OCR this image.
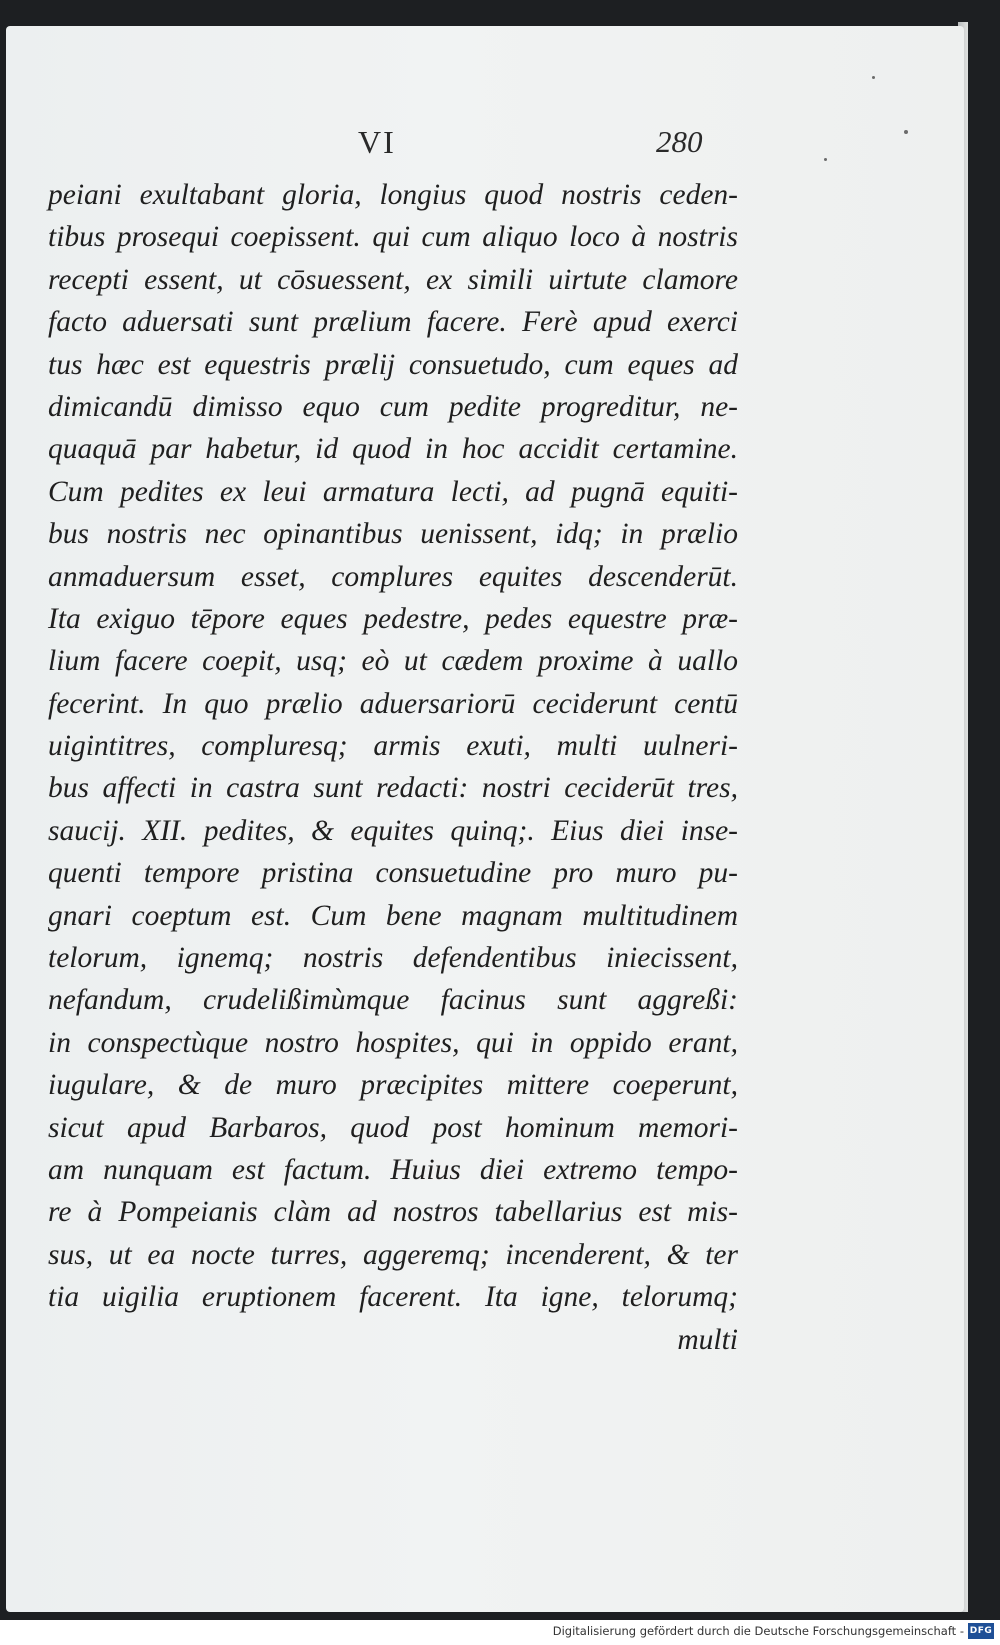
VI	280
peiani exultabant gloria, longius quod nostris ceden-
tibus prosequi coepissent. qui cum aliquo loco à nostris
recepti essent, ut cōsuessent, ex simili uirtute clamore
facto aduersati sunt prælium facere. Ferè apud exerci
tus hæc est equestris prælij consuetudo, cum eques ad
dimicandū dimisso equo cum pedite progreditur, ne-
quaquā par habetur, id quod in hoc accidit certamine.
Cum pedites ex leui armatura lecti, ad pugnā equiti-
bus nostris nec opinantibus uenissent, idq; in prælio
anmaduersum esset, complures equites descenderūt.
Ita exiguo tēpore eques pedestre, pedes equestre præ-
lium facere coepit, usq; eò ut cædem proxime à uallo
fecerint. In quo prælio aduersariorū ceciderunt centū
uigintitres, compluresq; armis exuti, multi uulneri-
bus affecti in castra sunt redacti: nostri ceciderūt tres,
saucij. XII. pedites, & equites quinq;. Eius diei inse-
quenti tempore pristina consuetudine pro muro pu-
gnari coeptum est. Cum bene magnam multitudinem
telorum, ignemq; nostris defendentibus iniecissent,
nefandum, crudelißimùmque facinus sunt aggreßi:
in conspectùque nostro hospites, qui in oppido erant,
iugulare, & de muro præcipites mittere coeperunt,
sicut apud Barbaros, quod post hominum memori-
am nunquam est factum. Huius diei extremo tempo-
re à Pompeianis clàm ad nostros tabellarius est mis-
sus, ut ea nocte turres, aggeremq; incenderent, & ter
tia uigilia eruptionem facerent. Ita igne, telorumq;
multi
Digitalisierung gefördert durch die Deutsche Forschungsgemeinschaft - DFG
